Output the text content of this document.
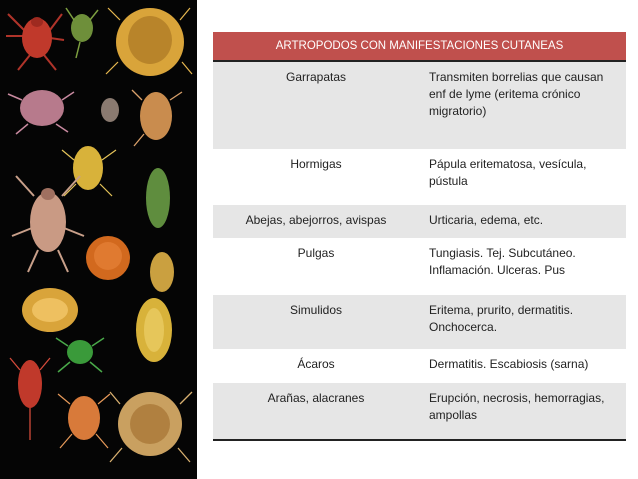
ARTROPODOS CON MANIFESTACIONES CUTANEAS	
Garrapatas	Transmiten borrelias que causan enf de lyme (eritema crónico migratorio)
Hormigas	Pápula eritematosa, vesícula, pústula
Abejas, abejorros, avispas	Urticaria, edema, etc.
Pulgas	Tungiasis. Tej. Subcutáneo. Inflamación. Ulceras. Pus
Simulidos	Eritema, prurito, dermatitis. Onchocerca.
Ácaros	Dermatitis. Escabiosis (sarna)
Arañas, alacranes	Erupción, necrosis, hemorragias, ampollas
